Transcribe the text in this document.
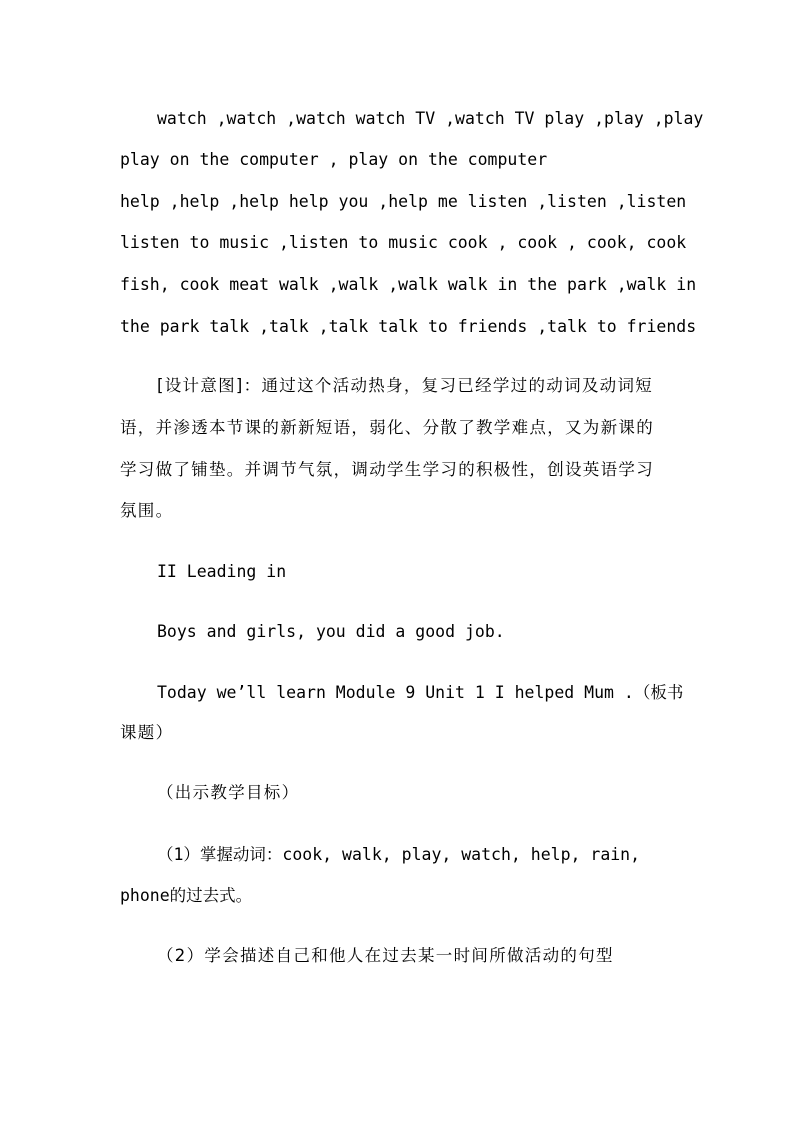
watch ,watch ,watch watch TV ,watch TV play ,play ,play
play on the computer , play on the computer
help ,help ,help help you ,help me listen ,listen ,listen
listen to music ,listen to music cook , cook , cook, cook
fish, cook meat walk ,walk ,walk walk in the park ,walk in
the park talk ,talk ,talk talk to friends ,talk to friends
[设计意图]：通过这个活动热身，复习已经学过的动词及动词短
语，并渗透本节课的新新短语，弱化、分散了教学难点，又为新课的
学习做了铺垫。并调节气氛，调动学生学习的积极性，创设英语学习
氛围。
II Leading in
Boys and girls, you did a good job.
Today we’ll learn Module 9 Unit 1 I helped Mum .（板书
课题）
（出示教学目标）
（1）掌握动词：cook, walk, play, watch, help, rain,
phone的过去式。
（2）学会描述自己和他人在过去某一时间所做活动的句型
